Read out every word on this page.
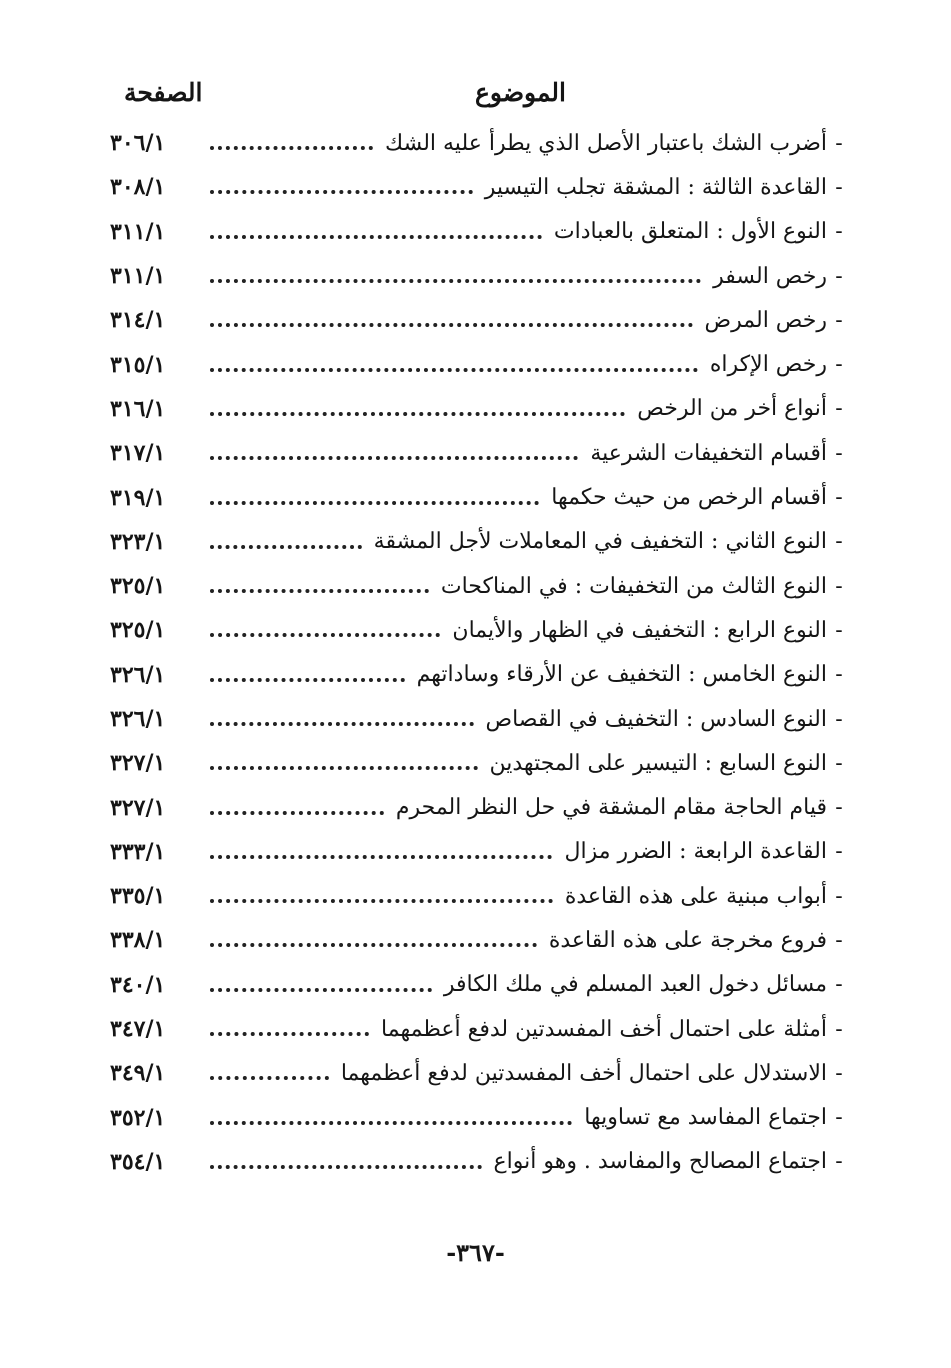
الموضوع
الصفحة
-
أضرب الشك باعتبار الأصل الذي يطرأ عليه الشك
٣٠٦/١
-
القاعدة الثالثة : المشقة تجلب التيسير
٣٠٨/١
-
النوع الأول : المتعلق بالعبادات
٣١١/١
-
رخص السفر
٣١١/١
-
رخص المرض
٣١٤/١
-
رخص الإكراه
٣١٥/١
-
أنواع أخر من الرخص
٣١٦/١
-
أقسام التخفيفات الشرعية
٣١٧/١
-
أقسام الرخص من حيث حكمها
٣١٩/١
-
النوع الثاني : التخفيف في المعاملات لأجل المشقة
٣٢٣/١
-
النوع الثالث من التخفيفات : في المناكحات
٣٢٥/١
-
النوع الرابع : التخفيف في الظهار والأيمان
٣٢٥/١
-
النوع الخامس : التخفيف عن الأرقاء وساداتهم
٣٢٦/١
-
النوع السادس : التخفيف في القصاص
٣٢٦/١
-
النوع السابع : التيسير على المجتهدين
٣٢٧/١
-
قيام الحاجة مقام المشقة في حل النظر المحرم
٣٢٧/١
-
القاعدة الرابعة : الضرر مزال
٣٣٣/١
-
أبواب مبنية على هذه القاعدة
٣٣٥/١
-
فروع مخرجة على هذه القاعدة
٣٣٨/١
-
مسائل دخول العبد المسلم في ملك الكافر
٣٤٠/١
-
أمثلة على احتمال أخف المفسدتين لدفع أعظمهما
٣٤٧/١
-
الاستدلال على احتمال أخف المفسدتين لدفع أعظمهما
٣٤٩/١
-
اجتماع المفاسد مع تساويها
٣٥٢/١
-
اجتماع المصالح والمفاسد . وهو أنواع
٣٥٤/١
-٣٦٧-
